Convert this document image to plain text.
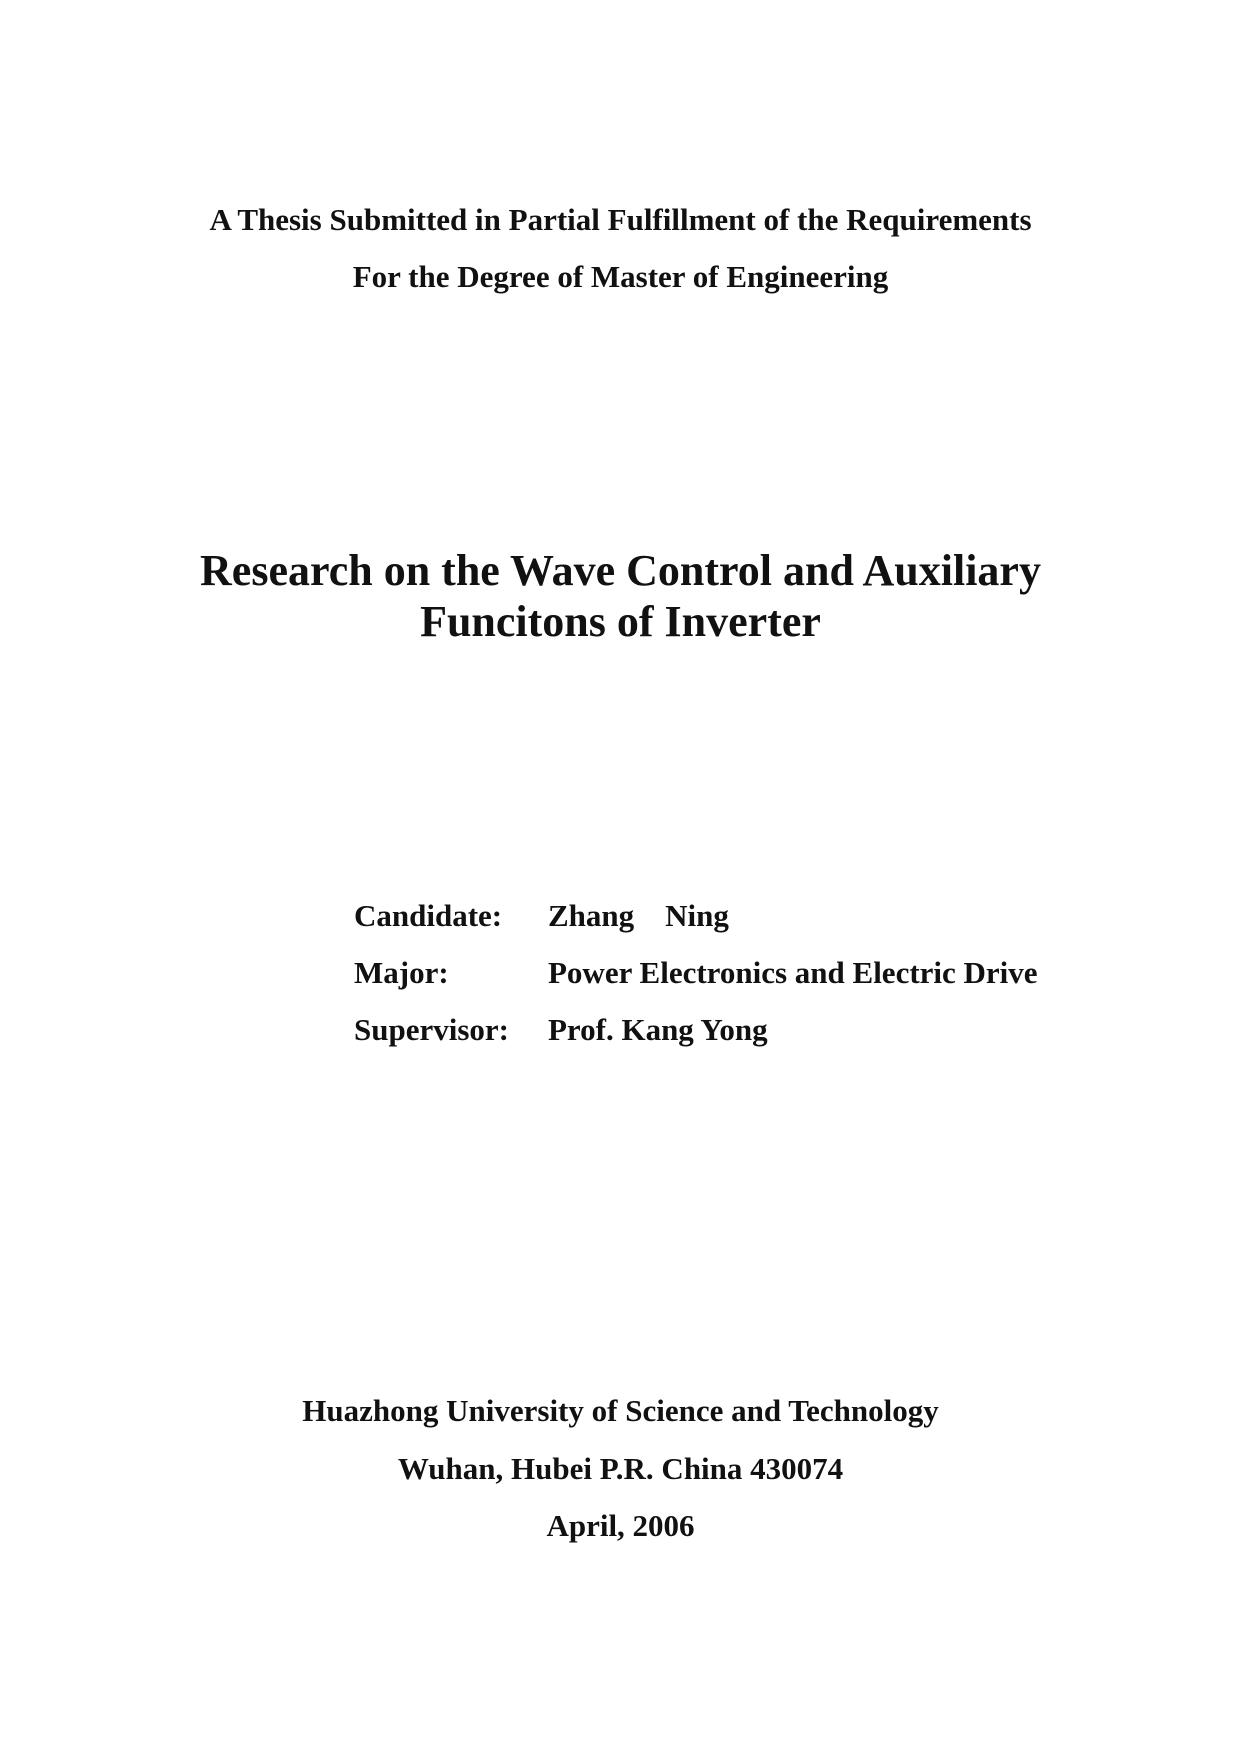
A Thesis Submitted in Partial Fulfillment of the Requirements
For the Degree of Master of Engineering
Research on the Wave Control and Auxiliary
Funcitons of Inverter
Candidate: Zhang    Ning
Major:	Power Electronics and Electric Drive
Supervisor: Prof. Kang Yong
Huazhong University of Science and Technology
Wuhan, Hubei P.R. China 430074
April, 2006
